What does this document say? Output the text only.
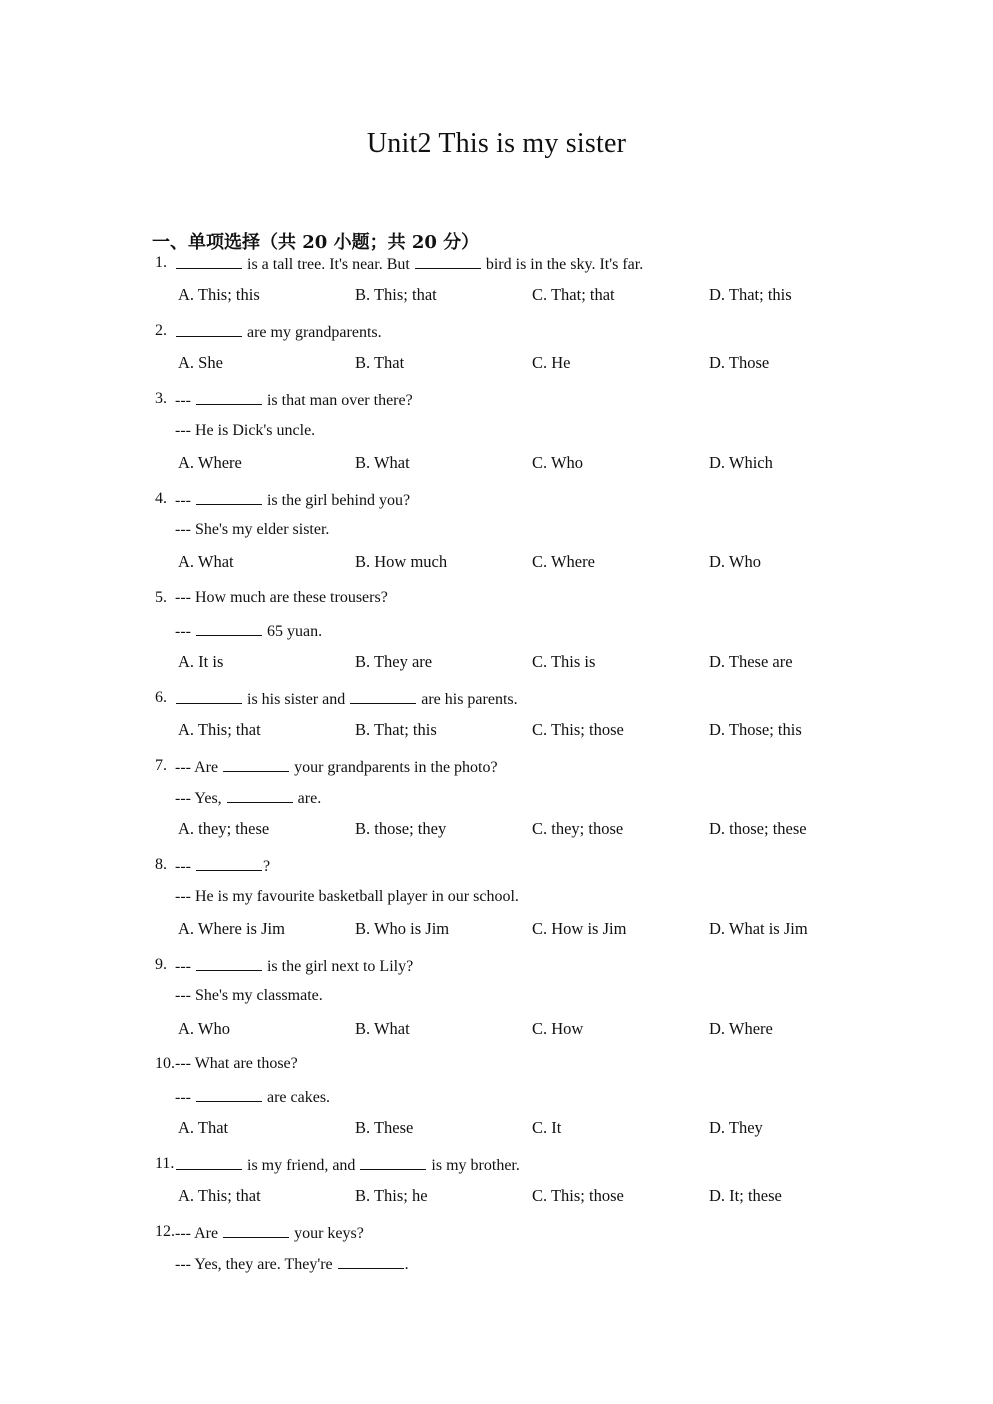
Unit2 This is my sister
一、单项选择（共 20 小题；共 20 分）
1.	is a tall tree. It's near. But	bird is in the sky. It's far.
A. This; this	B. This; that	C. That; that	D. That; this
2.	are my grandparents.
A. She	B. That	C. He	D. Those
3. ---	is that man over there?
--- He is Dick's uncle.
A. Where	B. What	C. Who	D. Which
4. ---	is the girl behind you?
--- She's my elder sister.
A. What	B. How much	C. Where	D. Who
5. --- How much are these trousers?
---	65 yuan.
A. It is	B. They are	C. This is	D. These are
6.	is his sister and	are his parents.
A. This; that	B. That; this	C. This; those	D. Those; this
7. --- Are	your grandparents in the photo?
--- Yes,	are.
A. they; these	B. those; they	C. they; those	D. those; these
8. ---	?
--- He is my favourite basketball player in our school.
A. Where is Jim	B. Who is Jim	C. How is Jim	D. What is Jim
9. ---	is the girl next to Lily?
--- She's my classmate.
A. Who	B. What	C. How	D. Where
10. --- What are those?
---	are cakes.
A. That	B. These	C. It	D. They
11.	is my friend, and	is my brother.
A. This; that	B. This; he	C. This; those	D. It; these
12. --- Are	your keys?
--- Yes, they are. They're	.
